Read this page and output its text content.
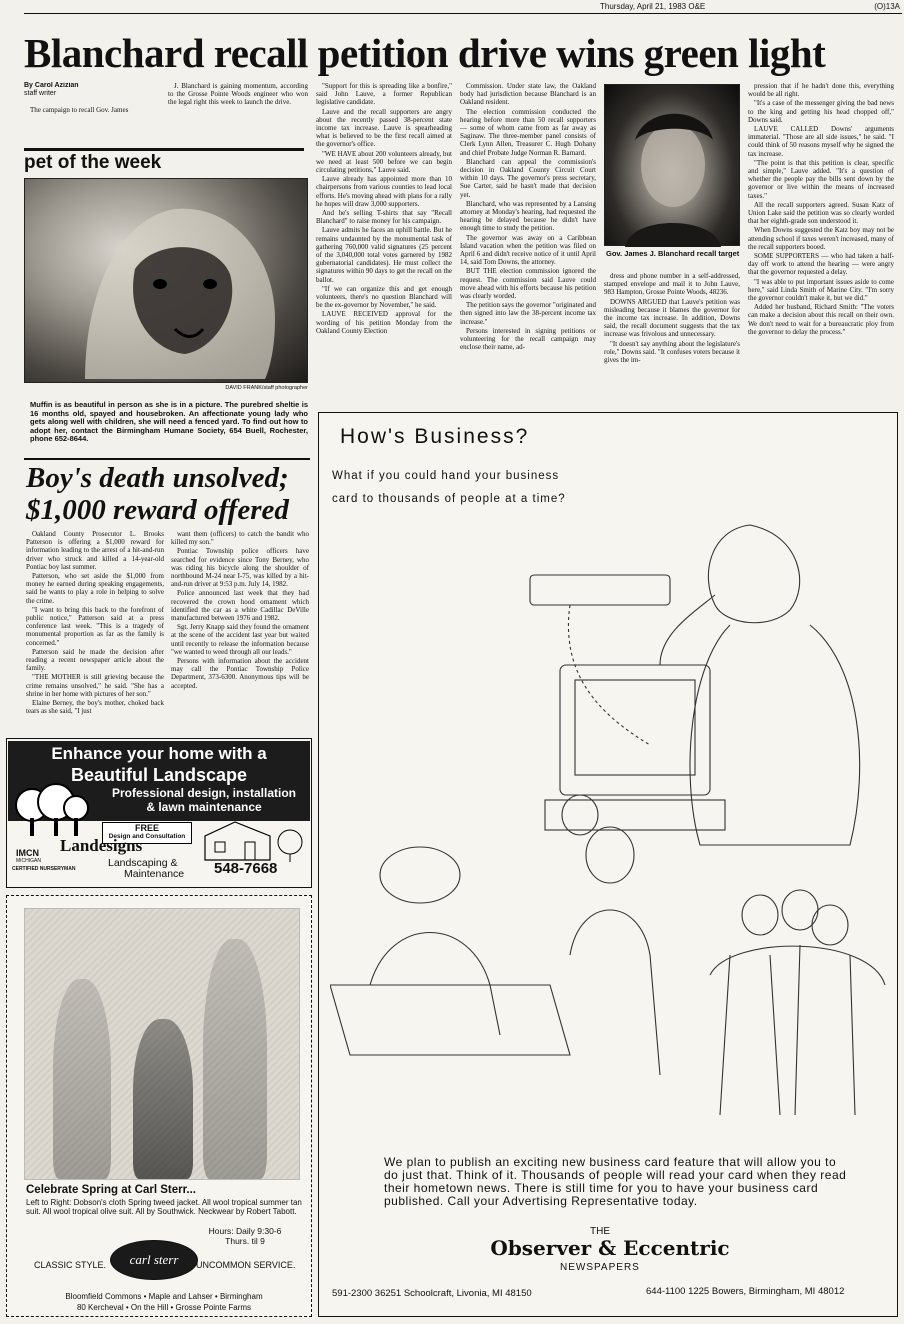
Thursday, April 21, 1983 O&E	(O)13A
Blanchard recall petition drive wins green light
By Carol Azizian
staff writer

The campaign to recall Gov. James

J. Blanchard is gaining momentum, according to the Grosse Pointe Woods engineer who won the legal right this week to launch the drive.

pet of the week
DAVID FRANK/staff photographer
Muffin is as beautiful in person as she is in a picture. The purebred sheltie is 16 months old, spayed and housebroken. An affectionate young lady who gets along well with children, she will need a fenced yard. To find out how to adopt her, contact the Birmingham Humane Society, 654 Buell, Rochester, phone 652-8644.

"Support for this is spreading like a bonfire," said John Lauve, a former Republican legislative candidate.

Lauve and the recall supporters are angry about the recently passed 38-percent state income tax increase. Lauve is spearheading what is believed to be the first recall aimed at the governor's office.

"WE HAVE about 200 volunteers already, but we need at least 500 before we can begin circulating petitions," Lauve said.

Lauve already has appointed more than 10 chairpersons from various counties to lead local efforts. He's moving ahead with plans for a rally he hopes will draw 3,000 supporters.

And he's selling T-shirts that say "Recall Blanchard" to raise money for his campaign.

Lauve admits he faces an uphill battle. But he remains undaunted by the monumental task of gathering 760,000 valid signatures (25 percent of the 3,040,000 total votes garnered by 1982 gubernatorial candidates). He must collect the signatures within 90 days to get the recall on the ballot.

"If we can organize this and get enough volunteers, there's no question Blanchard will be the ex-governor by November," he said.

LAUVE RECEIVED approval for the wording of his petition Monday from the Oakland County Election

Commission. Under state law, the Oakland body had jurisdiction because Blanchard is an Oakland resident.

The election commission conducted the hearing before more than 50 recall supporters — some of whom came from as far away as Saginaw. The three-member panel consists of Clerk Lynn Allen, Treasurer C. Hugh Dohany and chief Probate Judge Norman R. Barnard.

Blanchard can appeal the commission's decision in Oakland County Circuit Court within 10 days. The governor's press secretary, Sue Carter, said he hasn't made that decision yet.

Blanchard, who was represented by a Lansing attorney at Monday's hearing, had requested the hearing be delayed because he didn't have enough time to study the petition.

The governor was away on a Caribbean Island vacation when the petition was filed on April 6 and didn't receive notice of it until April 14, said Tom Downs, the attorney.

BUT THE election commission ignored the request. The commission said Lauve could move ahead with his efforts because his petition was clearly worded.

The petition says the governor "originated and then signed into law the 38-percent income tax increase."

Persons interested in signing petitions or volunteering for the recall campaign may enclose their name, ad-

Gov. James J. Blanchard recall target

dress and phone number in a self-addressed, stamped envelope and mail it to John Lauve, 983 Hampton, Grosse Pointe Woods, 48236.

DOWNS ARGUED that Lauve's petition was misleading because it blames the governor for the income tax increase. In addition, Downs said, the recall document suggests that the tax increase was frivolous and unnecessary.

"It doesn't say anything about the legislature's role," Downs said. "It confuses voters because it gives the im-

pression that if he hadn't done this, everything would be all right.

"It's a case of the messenger giving the bad news to the king and getting his head chopped off," Downs said.

LAUVE CALLED Downs' arguments immaterial. "Those are all side issues," he said. "I could think of 50 reasons myself why he signed the tax increase.

"The point is that this petition is clear, specific and simple," Lauve added. "It's a question of whether the people pay the bills sent down by the governor or live within the means of increased taxes."

All the recall supporters agreed. Susan Katz of Union Lake said the petition was so clearly worded that her eighth-grade son understood it.

When Downs suggested the Katz boy may not be attending school if taxes weren't increased, many of the recall supporters booed.

SOME SUPPORTERS — who had taken a half-day off work to attend the hearing — were angry that the governor requested a delay.

"I was able to put important issues aside to come here," said Linda Smith of Marine City. "I'm sorry the governor couldn't make it, but we did."

Added her husband, Richard Smith: "The voters can make a decision about this recall on their own. We don't need to wait for a bureaucratic ploy from the governor to delay the process."

Boy's death unsolved;
$1,000 reward offered

Oakland County Prosecutor L. Brooks Patterson is offering a $1,000 reward for information leading to the arrest of a hit-and-run driver who struck and killed a 14-year-old Pontiac boy last summer.

Patterson, who set aside the $1,000 from money he earned during speaking engagements, said he wants to play a role in helping to solve the crime.

"I want to bring this back to the forefront of public notice," Patterson said at a press conference last week. "This is a tragedy of monumental proportion as far as the family is concerned."

Patterson said he made the decision after reading a recent newspaper article about the family.

"THE MOTHER is still grieving because the crime remains unsolved," he said. "She has a shrine in her home with pictures of her son."

Elaine Berney, the boy's mother, choked back tears as she said, "I just

want them (officers) to catch the bandit who killed my son."

Pontiac Township police officers have searched for evidence since Tony Berney, who was riding his bicycle along the shoulder of northbound M-24 near I-75, was killed by a hit-and-run driver at 9:53 p.m. July 14, 1982.

Police announced last week that they had recovered the crown hood ornament which identified the car as a white Cadillac DeVille manufactured between 1976 and 1982.

Sgt. Jerry Knapp said they found the ornament at the scene of the accident last year but waited until recently to release the information because "we wanted to weed through all our leads."

Persons with information about the accident may call the Pontiac Township Police Department, 373-6300. Anonymous tips will be accepted.

Enhance your home with a
Beautiful Landscape
Professional design, installation
& lawn maintenance
FREE
Design and Consultation
IMCN
MICHIGAN
CERTIFIED NURSERYMAN
Landesigns
Landscaping &
Maintenance 548-7668
Celebrate Spring at Carl Sterr...
Left to Right: Dobson's cloth Spring tweed jacket. All wool tropical summer tan suit. All wool tropical olive suit. All by Southwick. Neckwear by Robert Tabott.
Hours: Daily 9:30-6
Thurs. til 9
carl sterr
CLASSIC STYLE.	UNCOMMON SERVICE.
Bloomfield Commons • Maple and Lahser • Birmingham
80 Kercheval • On the Hill • Grosse Pointe Farms
How's Business?
What if you could hand your business
card to thousands of people at a time?
We plan to publish an exciting new business card feature that will allow you to do just that. Think of it. Thousands of people will read your card when they read their hometown news. There is still time for you to have your business card published. Call your Advertising Representative today.
THE
Observer & Eccentric
NEWSPAPERS
591-2300 36251 Schoolcraft, Livonia, MI 48150	644-1100 1225 Bowers, Birmingham, MI 48012
